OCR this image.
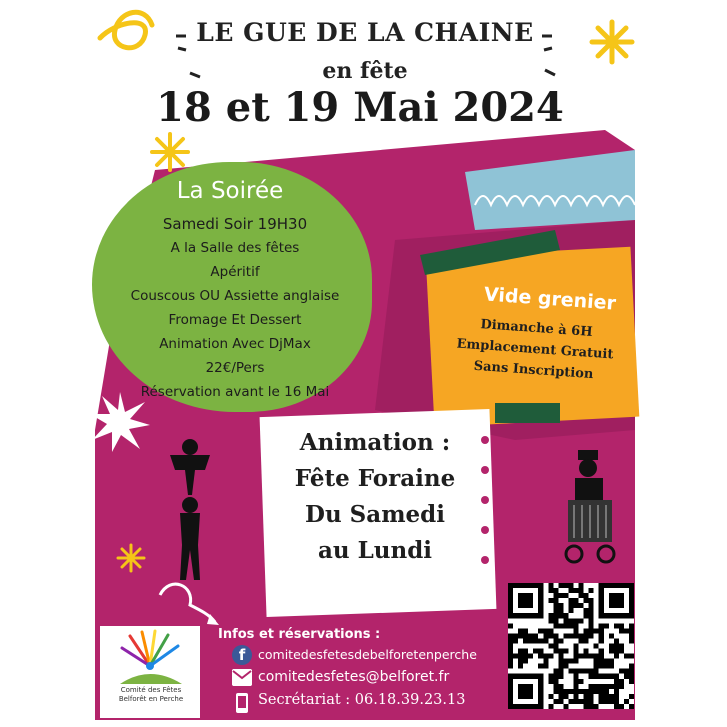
LE GUE DE LA CHAINE
en fête
18 et 19 Mai 2024
La Soirée
Samedi Soir 19H30
A la Salle des fêtes
Apéritif
Couscous OU Assiette anglaise
Fromage Et Dessert
Animation Avec DjMax
22€/Pers
Réservation avant le 16 Mai
Vide grenier
Dimanche à 6H
Emplacement Gratuit
Sans Inscription
Animation :
Fête Foraine
Du Samedi
au Lundi
Comité des Fêtes
Belforêt en Perche
Infos et réservations :
f	comitedesfetesdebelforetenperche
comitedesfetes@belforet.fr
Secrétariat : 06.18.39.23.13
